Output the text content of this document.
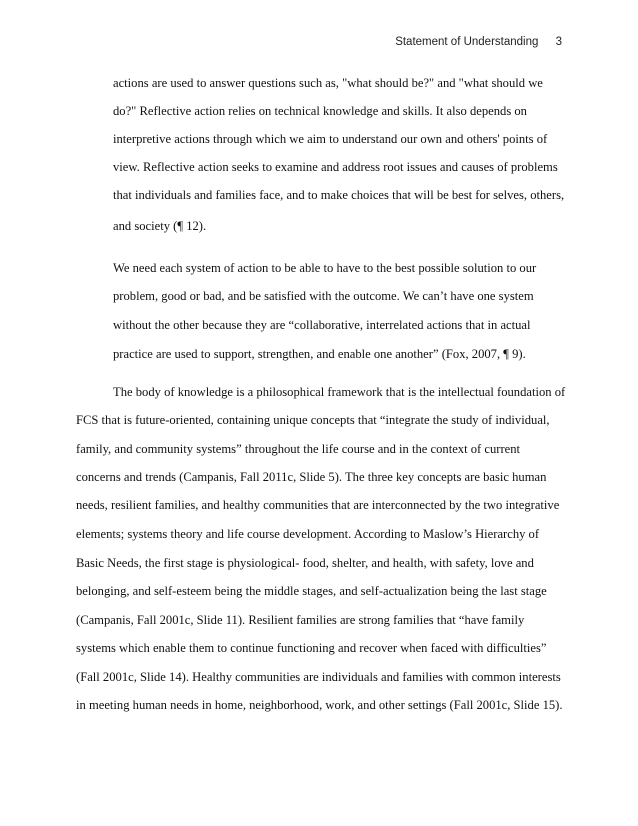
Statement of Understanding 3
actions are used to answer questions such as, "what should be?" and "what should we
do?" Reflective action relies on technical knowledge and skills. It also depends on
interpretive actions through which we aim to understand our own and others' points of
view. Reflective action seeks to examine and address root issues and causes of problems
that individuals and families face, and to make choices that will be best for selves, others,
and society (¶ 12).
We need each system of action to be able to have to the best possible solution to our
problem, good or bad, and be satisfied with the outcome. We can’t have one system
without the other because they are “collaborative, interrelated actions that in actual
practice are used to support, strengthen, and enable one another” (Fox, 2007, ¶ 9).
The body of knowledge is a philosophical framework that is the intellectual foundation of
FCS that is future-oriented, containing unique concepts that “integrate the study of individual,
family, and community systems” throughout the life course and in the context of current
concerns and trends (Campanis, Fall 2011c, Slide 5). The three key concepts are basic human
needs, resilient families, and healthy communities that are interconnected by the two integrative
elements; systems theory and life course development. According to Maslow’s Hierarchy of
Basic Needs, the first stage is physiological- food, shelter, and health, with safety, love and
belonging, and self-esteem being the middle stages, and self-actualization being the last stage
(Campanis, Fall 2001c, Slide 11). Resilient families are strong families that “have family
systems which enable them to continue functioning and recover when faced with difficulties”
(Fall 2001c, Slide 14). Healthy communities are individuals and families with common interests
in meeting human needs in home, neighborhood, work, and other settings (Fall 2001c, Slide 15).
